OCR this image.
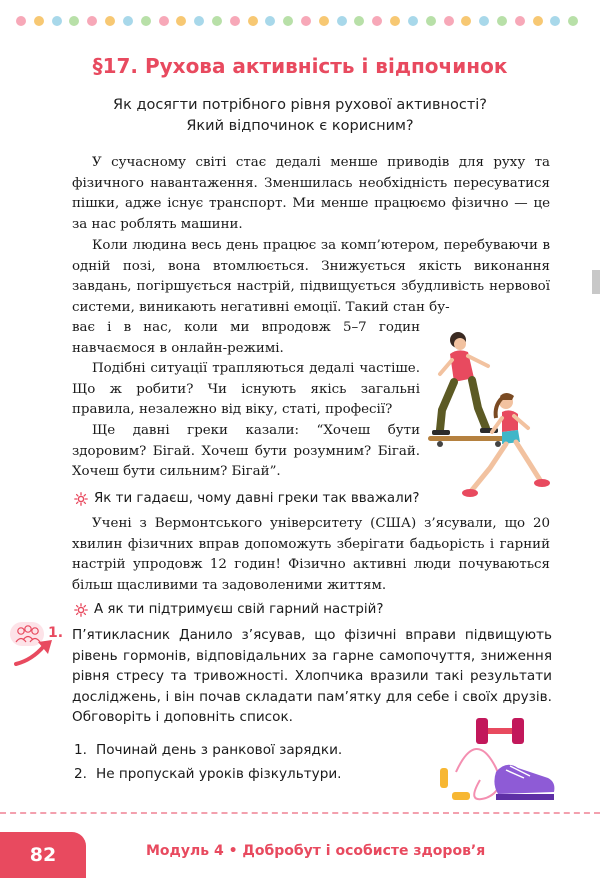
§17. Рухова активність і відпочинок
Як досягти потрібного рівня рухової активності?
Який відпочинок є корисним?

У сучасному світі стає дедалі менше приводів для руху та фізичного навантаження. Зменшилась необхідність пересуватися пішки, адже існує транспорт. Ми менше працюємо фізично — це за нас роблять машини.

Коли людина весь день працює за комп’ютером, перебуваючи в одній позі, вона втомлюється. Знижується якість виконання завдань, погіршується настрій, підвищується збудливість нервової системи, виникають негативні емоції. Такий стан бу-

ває і в нас, коли ми впродовж 5–7 годин навчаємося в онлайн-режимі.

Подібні ситуації трапляються дедалі частіше. Що ж робити? Чи існують якісь загальні правила, незалежно від віку, статі, професії?

Ще давні греки казали: “Хочеш бути здоровим? Бігай. Хочеш бути розумним? Бігай. Хочеш бути сильним? Бігай”.

Як ти гадаєш, чому давні греки так вважали?

Учені з Вермонтського університету (США) з’ясували, що 20 хвилин фізичних вправ допоможуть зберігати бадьорість і гарний настрій упродовж 12 годин! Фізично активні люди почуваються більш щасливими та задоволеними життям.

А як ти підтримуєш свій гарний настрій?
1. П’ятикласник Данило з’ясував, що фізичні вправи підвищують рівень гормонів, відповідальних за гарне самопочуття, зниження рівня стресу та тривожності. Хлопчика вразили такі результати досліджень, і він почав складати пам’ятку для себе і своїх друзів. Обговоріть і доповніть список.

1. Починай день з ранкової зарядки.
2. Не пропускай уроків фізкультури.
82	Модуль 4 • Добробут і особисте здоров’я
